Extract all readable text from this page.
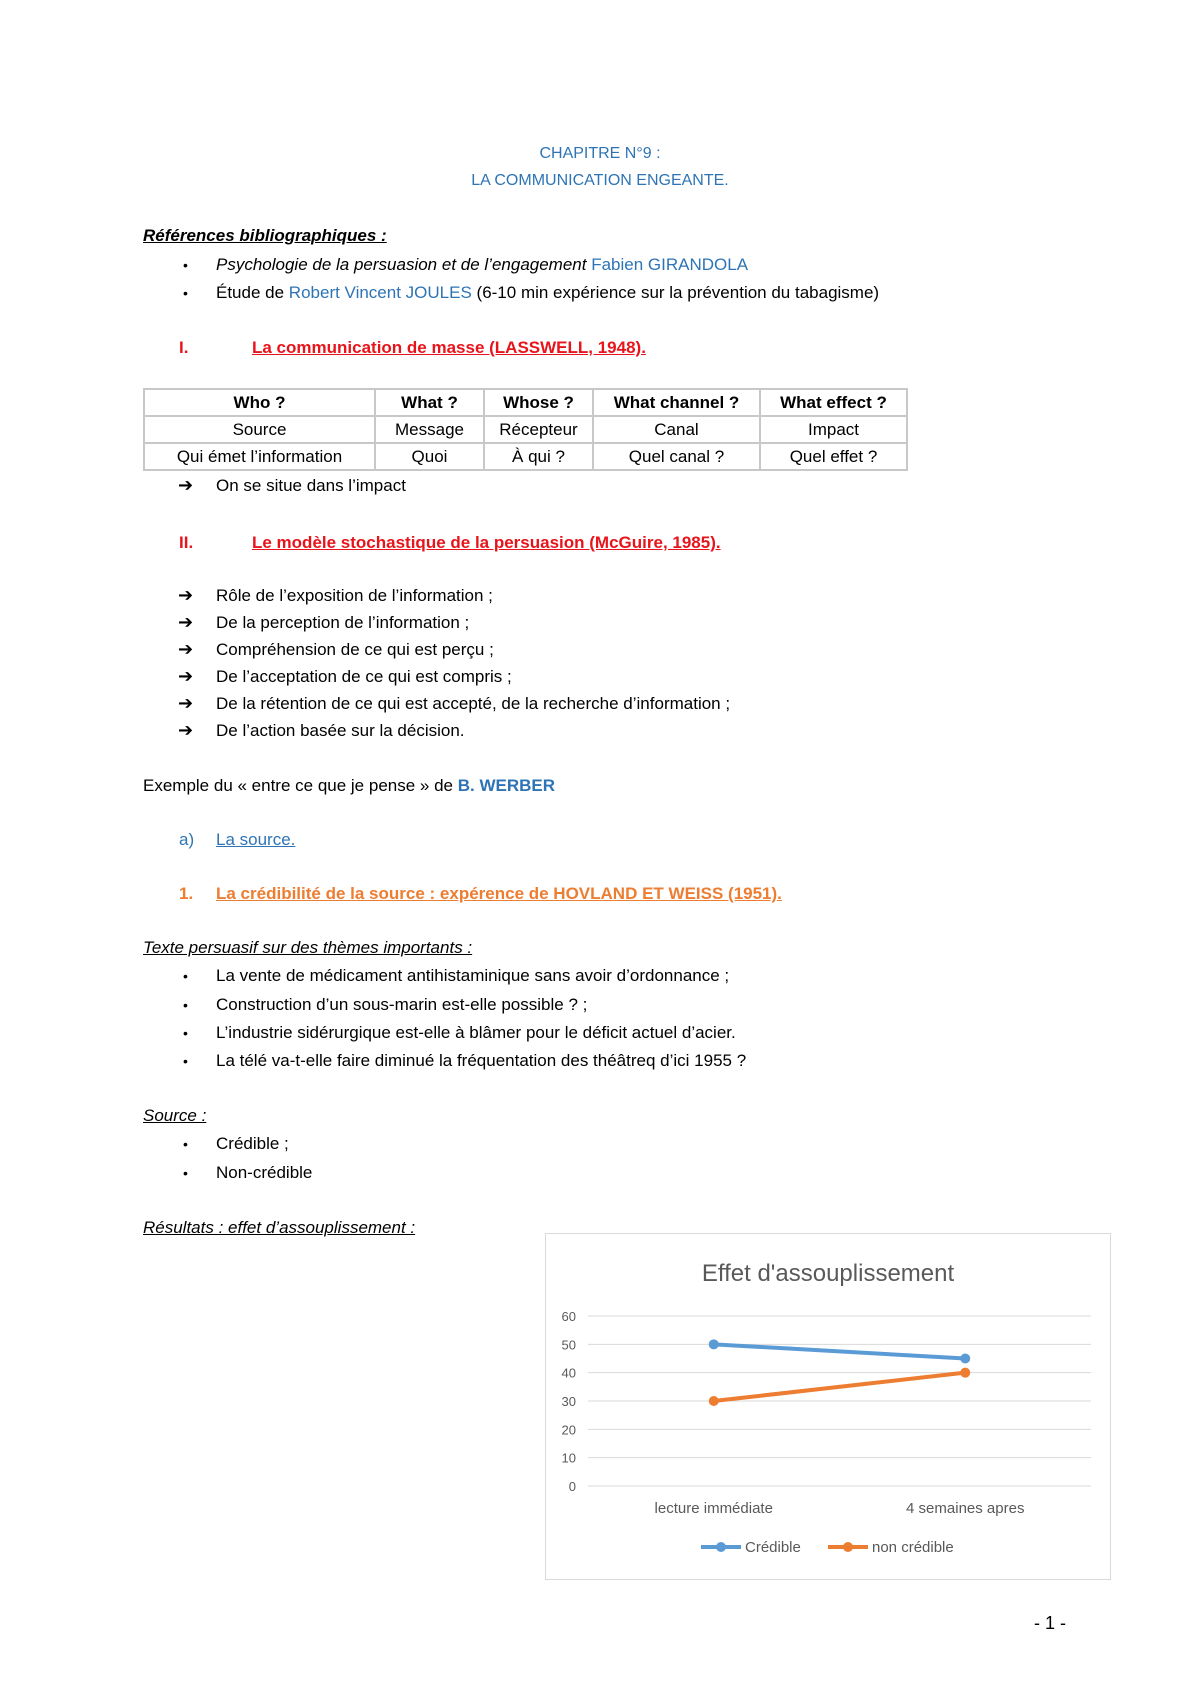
CHAPITRE N°9 :
LA COMMUNICATION ENGEANTE.
Références bibliographiques :
• Psychologie de la persuasion et de l’engagement Fabien GIRANDOLA
• Étude de Robert Vincent JOULES (6-10 min expérience sur la prévention du tabagisme)
I.	La communication de masse (LASSWELL, 1948).
Who ?	What ?	Whose ?	What channel ?	What effect ?
Source	Message	Récepteur	Canal	Impact
Qui émet l’information	Quoi	À qui ?	Quel canal ?	Quel effet ?
➔ On se situe dans l’impact
II.	Le modèle stochastique de la persuasion (McGuire, 1985).
➔ Rôle de l’exposition de l’information ;
➔ De la perception de l’information ;
➔ Compréhension de ce qui est perçu ;
➔ De l’acceptation de ce qui est compris ;
➔ De la rétention de ce qui est accepté, de la recherche d’information ;
➔ De l’action basée sur la décision.
Exemple du « entre ce que je pense » de B. WERBER
a) La source.
1. La crédibilité de la source : expérence de HOVLAND ET WEISS (1951).
Texte persuasif sur des thèmes importants :
• La vente de médicament antihistaminique sans avoir d’ordonnance ;
• Construction d’un sous-marin est-elle possible ? ;
• L’industrie sidérurgique est-elle à blâmer pour le déficit actuel d’acier.
• La télé va-t-elle faire diminué la fréquentation des théâtreq d’ici 1955 ?
Source :
• Crédible ;
• Non-crédible
Résultats : effet d’assouplissement :
Effet d'assouplissement
0
10
20
30
40
50
60
lecture immédiate	4 semaines apres
Crédible	non crédible
- 1 -
